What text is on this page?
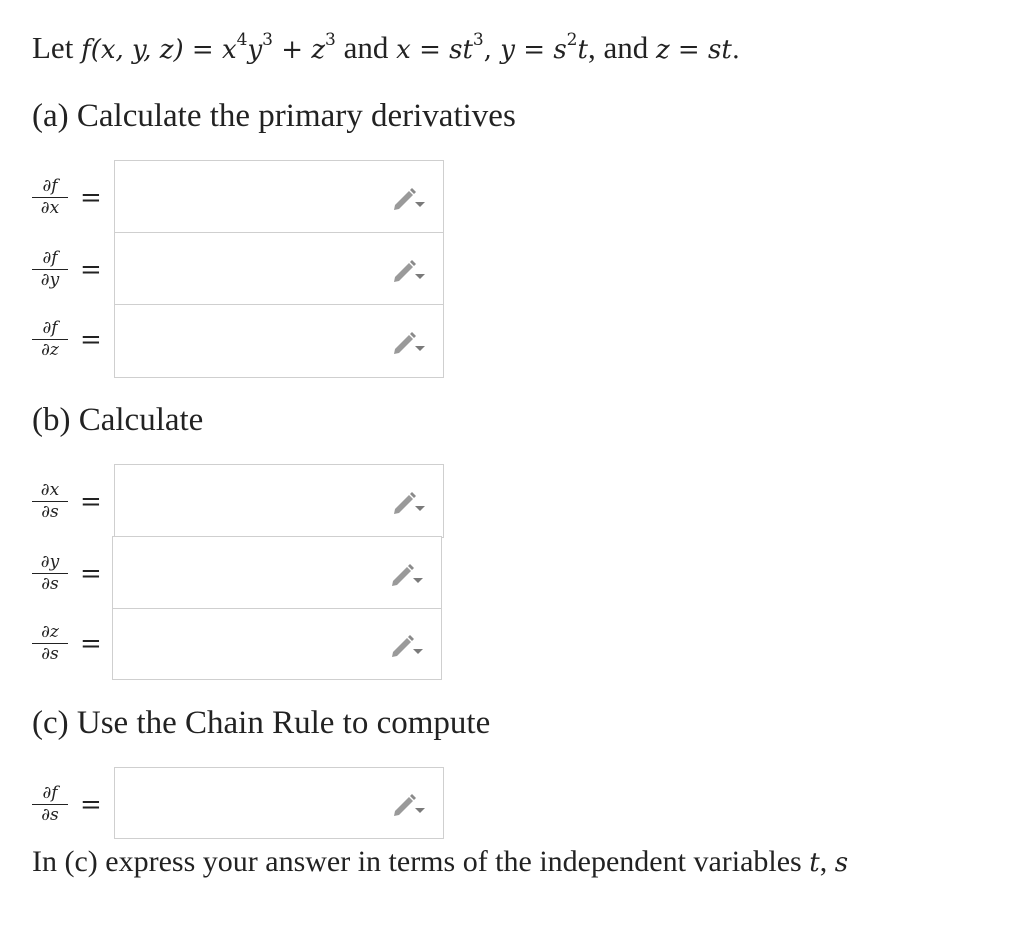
Let f(x, y, $z) = x^4y^3 + z^3$ and $x = st^3$, $y = s^2t$, and z = st.
(a) Calculate the primary derivatives
$\frac{\partial f}{\partial x}$ =
$\frac{\partial f}{\partial y}$ =
$\frac{\partial f}{\partial z}$ =
(b) Calculate
$\frac{\partial x}{\partial s}$ =
$\frac{\partial y}{\partial s}$ =
$\frac{\partial z}{\partial s}$ =
(c) Use the Chain Rule to compute
$\frac{\partial f}{\partial s}$ =
In (c) express your answer in terms of the independent variables t, s
